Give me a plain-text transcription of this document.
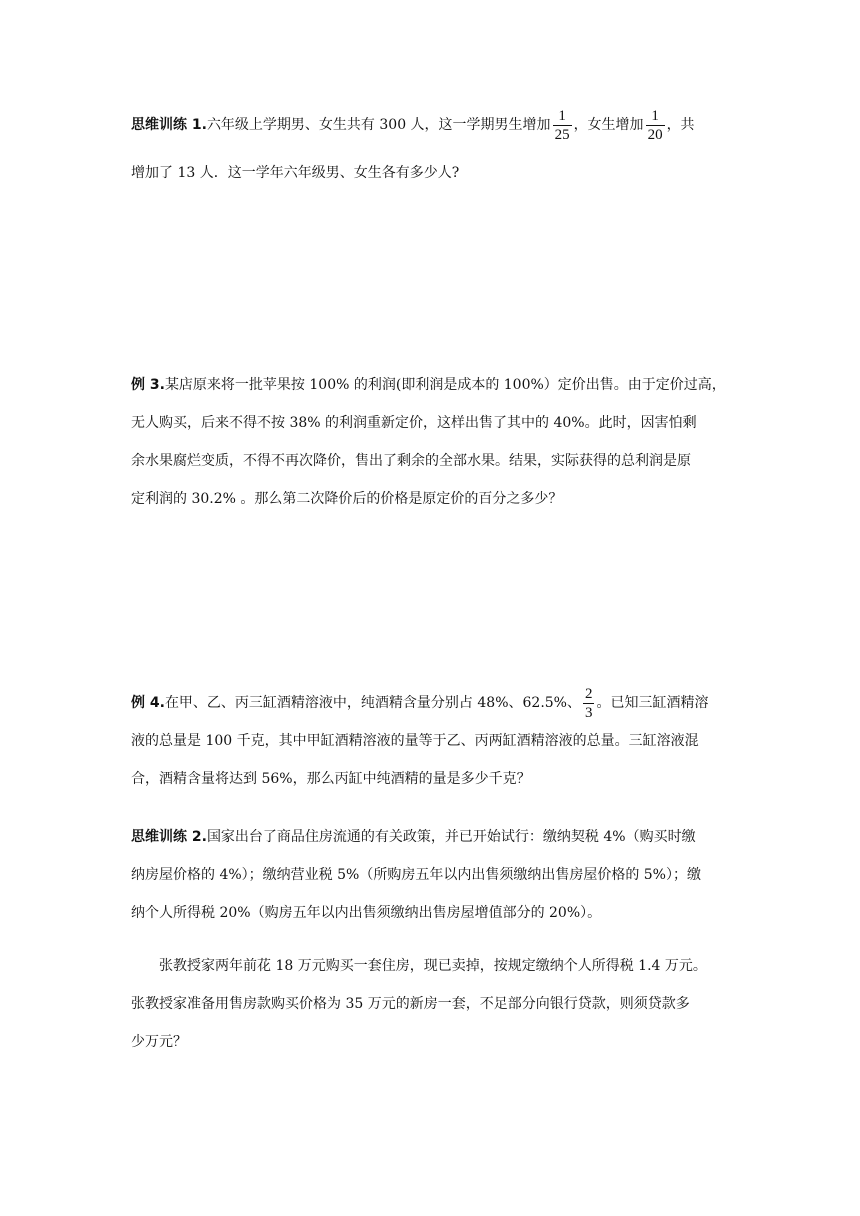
思维训练 1.六年级上学期男、女生共有 300 人，这一学期男生增加 $\frac{1}{25}$ ，女生增加 $\frac{1}{20}$ ，共
增加了 13 人．这一学年六年级男、女生各有多少人?
例 3.某店原来将一批苹果按 100% 的利润(即利润是成本的 100%）定价出售。由于定价过高，
无人购买，后来不得不按 38% 的利润重新定价，这样出售了其中的 40%。此时，因害怕剩
余水果腐烂变质，不得不再次降价，售出了剩余的全部水果。结果，实际获得的总利润是原
定利润的 30.2% 。那么第二次降价后的价格是原定价的百分之多少？
例 4.在甲、乙、丙三缸酒精溶液中，纯酒精含量分别占 48%、62.5%、 $\frac{2}{3}$ 。已知三缸酒精溶
液的总量是 100 千克，其中甲缸酒精溶液的量等于乙、丙两缸酒精溶液的总量。三缸溶液混
合，酒精含量将达到 56%，那么丙缸中纯酒精的量是多少千克？
思维训练 2.国家出台了商品住房流通的有关政策，并已开始试行：缴纳契税 4%（购买时缴
纳房屋价格的 4%）；缴纳营业税 5%（所购房五年以内出售须缴纳出售房屋价格的 5%）；缴
纳个人所得税 20%（购房五年以内出售须缴纳出售房屋增值部分的 20%）。
张教授家两年前花 18 万元购买一套住房，现已卖掉，按规定缴纳个人所得税 1.4 万元。
张教授家准备用售房款购买价格为 35 万元的新房一套，不足部分向银行贷款，则须贷款多
少万元？
